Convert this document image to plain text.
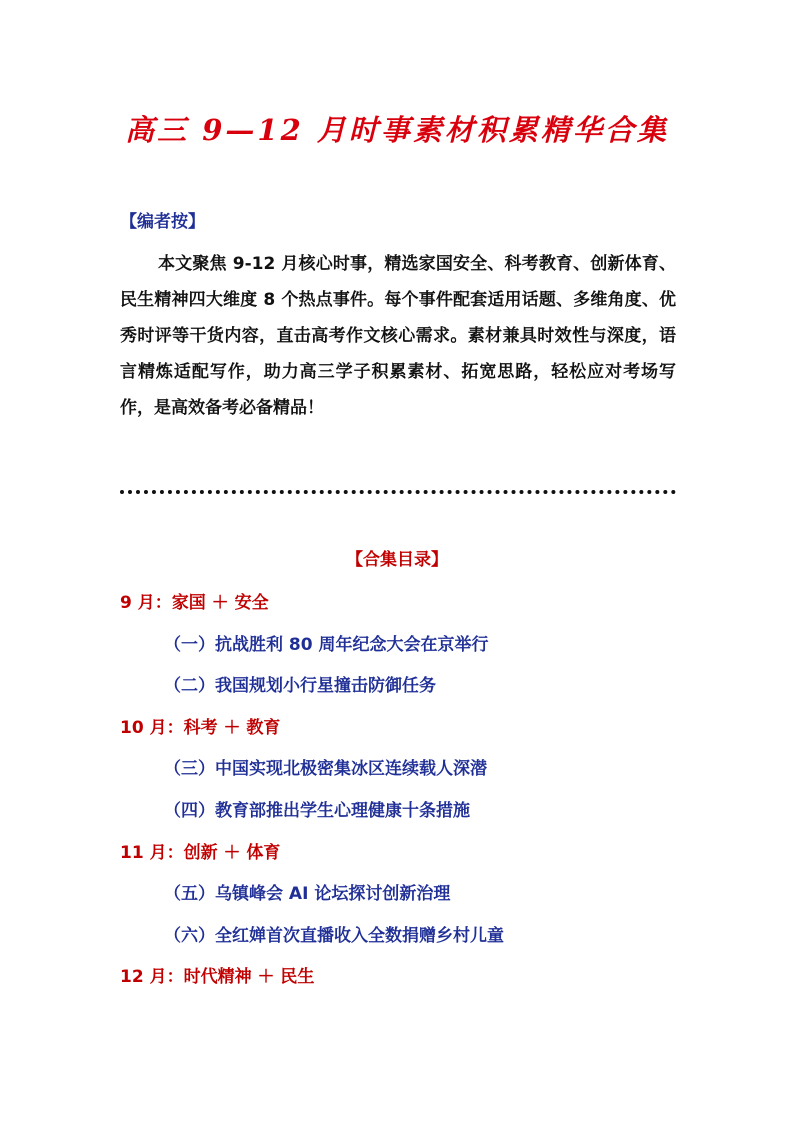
高三 9—12 月时事素材积累精华合集
【编者按】

本文聚焦 9-12 月核心时事，精选家国安全、科考教育、创新体育、民生精神四大维度 8 个热点事件。每个事件配套适用话题、多维角度、优秀时评等干货内容，直击高考作文核心需求。素材兼具时效性与深度，语言精炼适配写作，助力高三学子积累素材、拓宽思路，轻松应对考场写作，是高效备考必备精品！

【合集目录】
9 月：家国 ＋ 安全
（一）抗战胜利 80 周年纪念大会在京举行
（二）我国规划小行星撞击防御任务
10 月：科考 ＋ 教育
（三）中国实现北极密集冰区连续载人深潜
（四）教育部推出学生心理健康十条措施
11 月：创新 ＋ 体育
（五）乌镇峰会 AI 论坛探讨创新治理
（六）全红婵首次直播收入全数捐赠乡村儿童
12 月：时代精神 ＋ 民生
